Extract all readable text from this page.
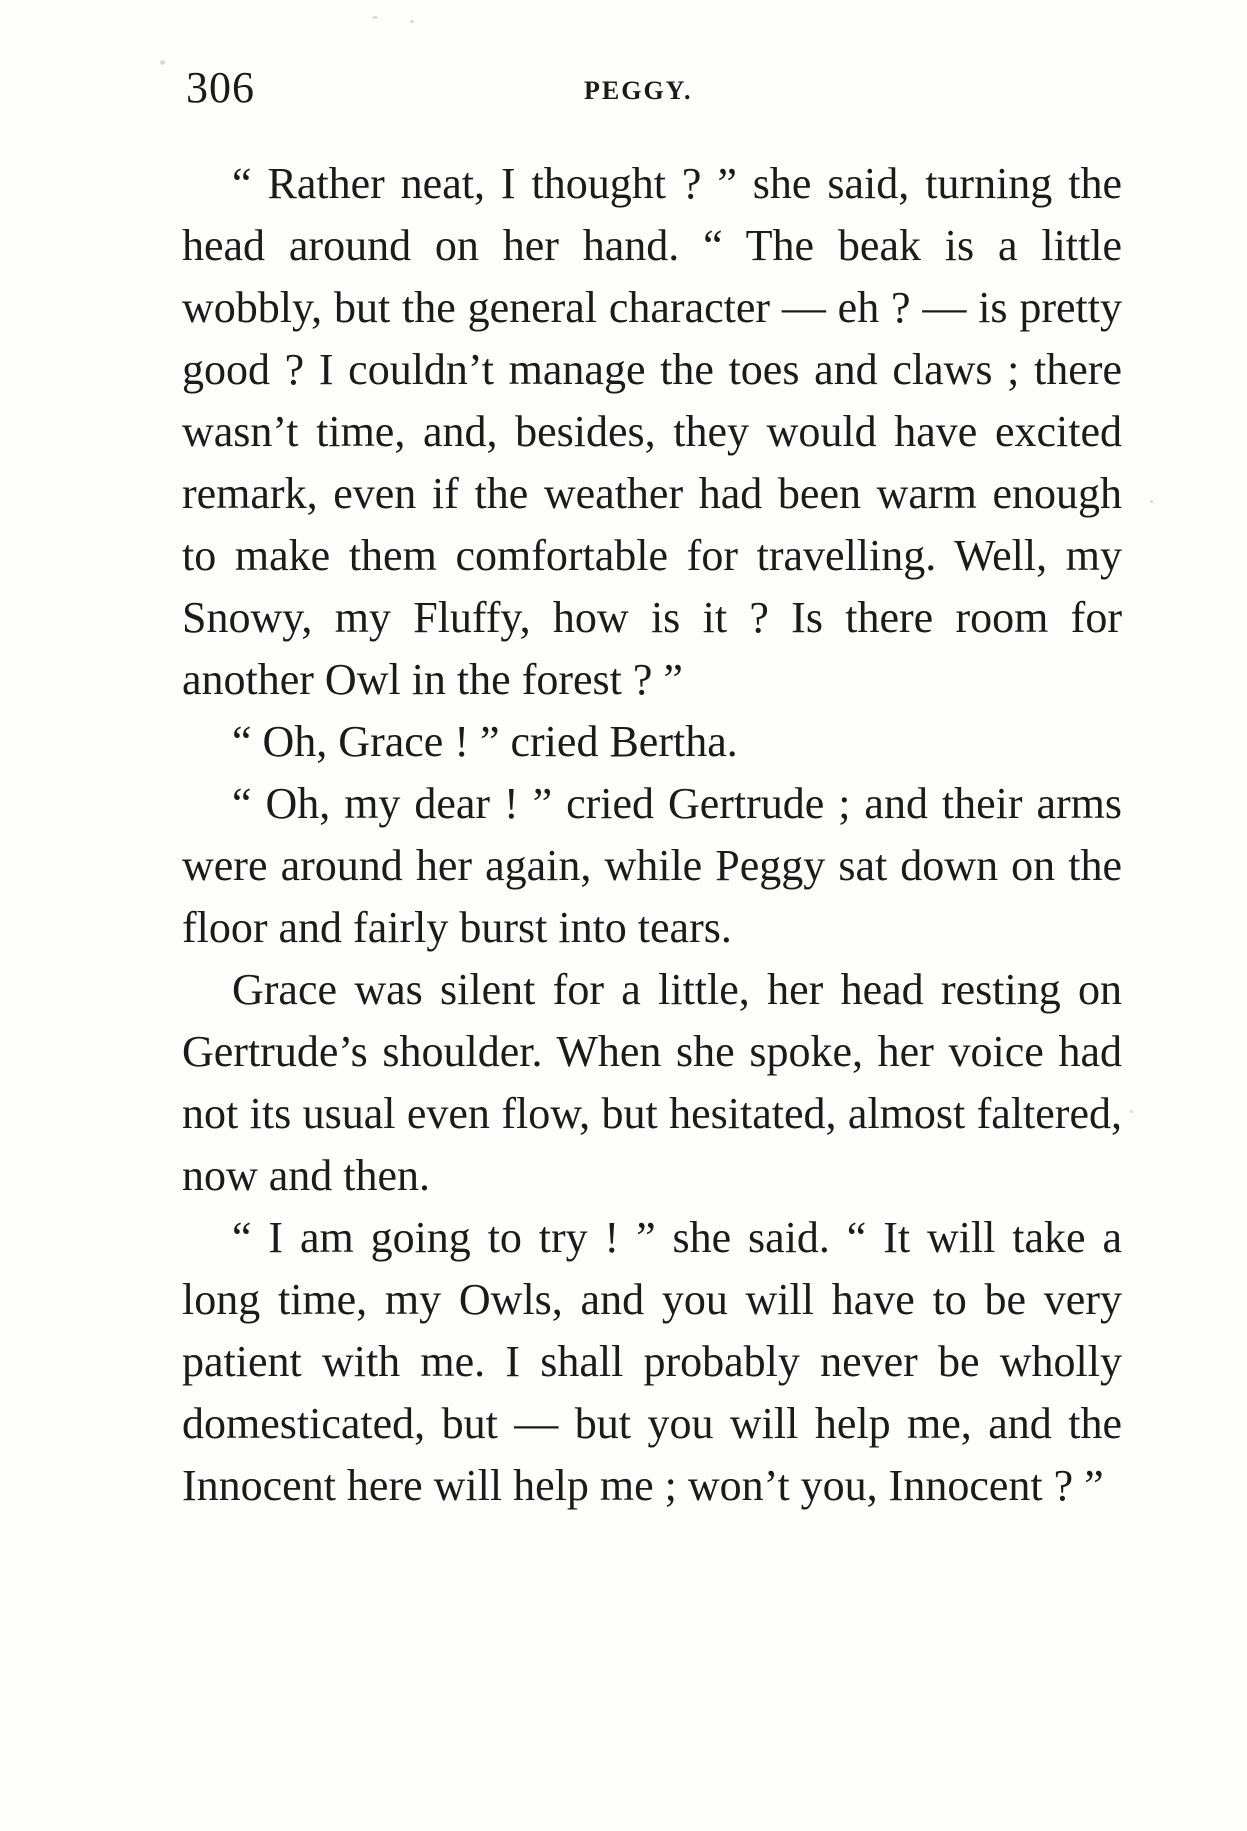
306	PEGGY.

“ Rather neat, I thought ? ” she said, turning the head around on her hand. “ The beak is a little wobbly, but the general character — eh ? — is pretty good ? I couldn’t manage the toes and claws ; there wasn’t time, and, besides, they would have excited remark, even if the weather had been warm enough to make them comfortable for travelling. Well, my Snowy, my Fluffy, how is it ? Is there room for another Owl in the forest ? ”

“ Oh, Grace ! ” cried Bertha.

“ Oh, my dear ! ” cried Gertrude ; and their arms were around her again, while Peggy sat down on the floor and fairly burst into tears.

Grace was silent for a little, her head resting on Gertrude’s shoulder. When she spoke, her voice had not its usual even flow, but hesitated, almost faltered, now and then.

“ I am going to try ! ” she said. “ It will take a long time, my Owls, and you will have to be very patient with me. I shall probably never be wholly domesticated, but — but you will help me, and the Innocent here will help me ; won’t you, Innocent ? ”
